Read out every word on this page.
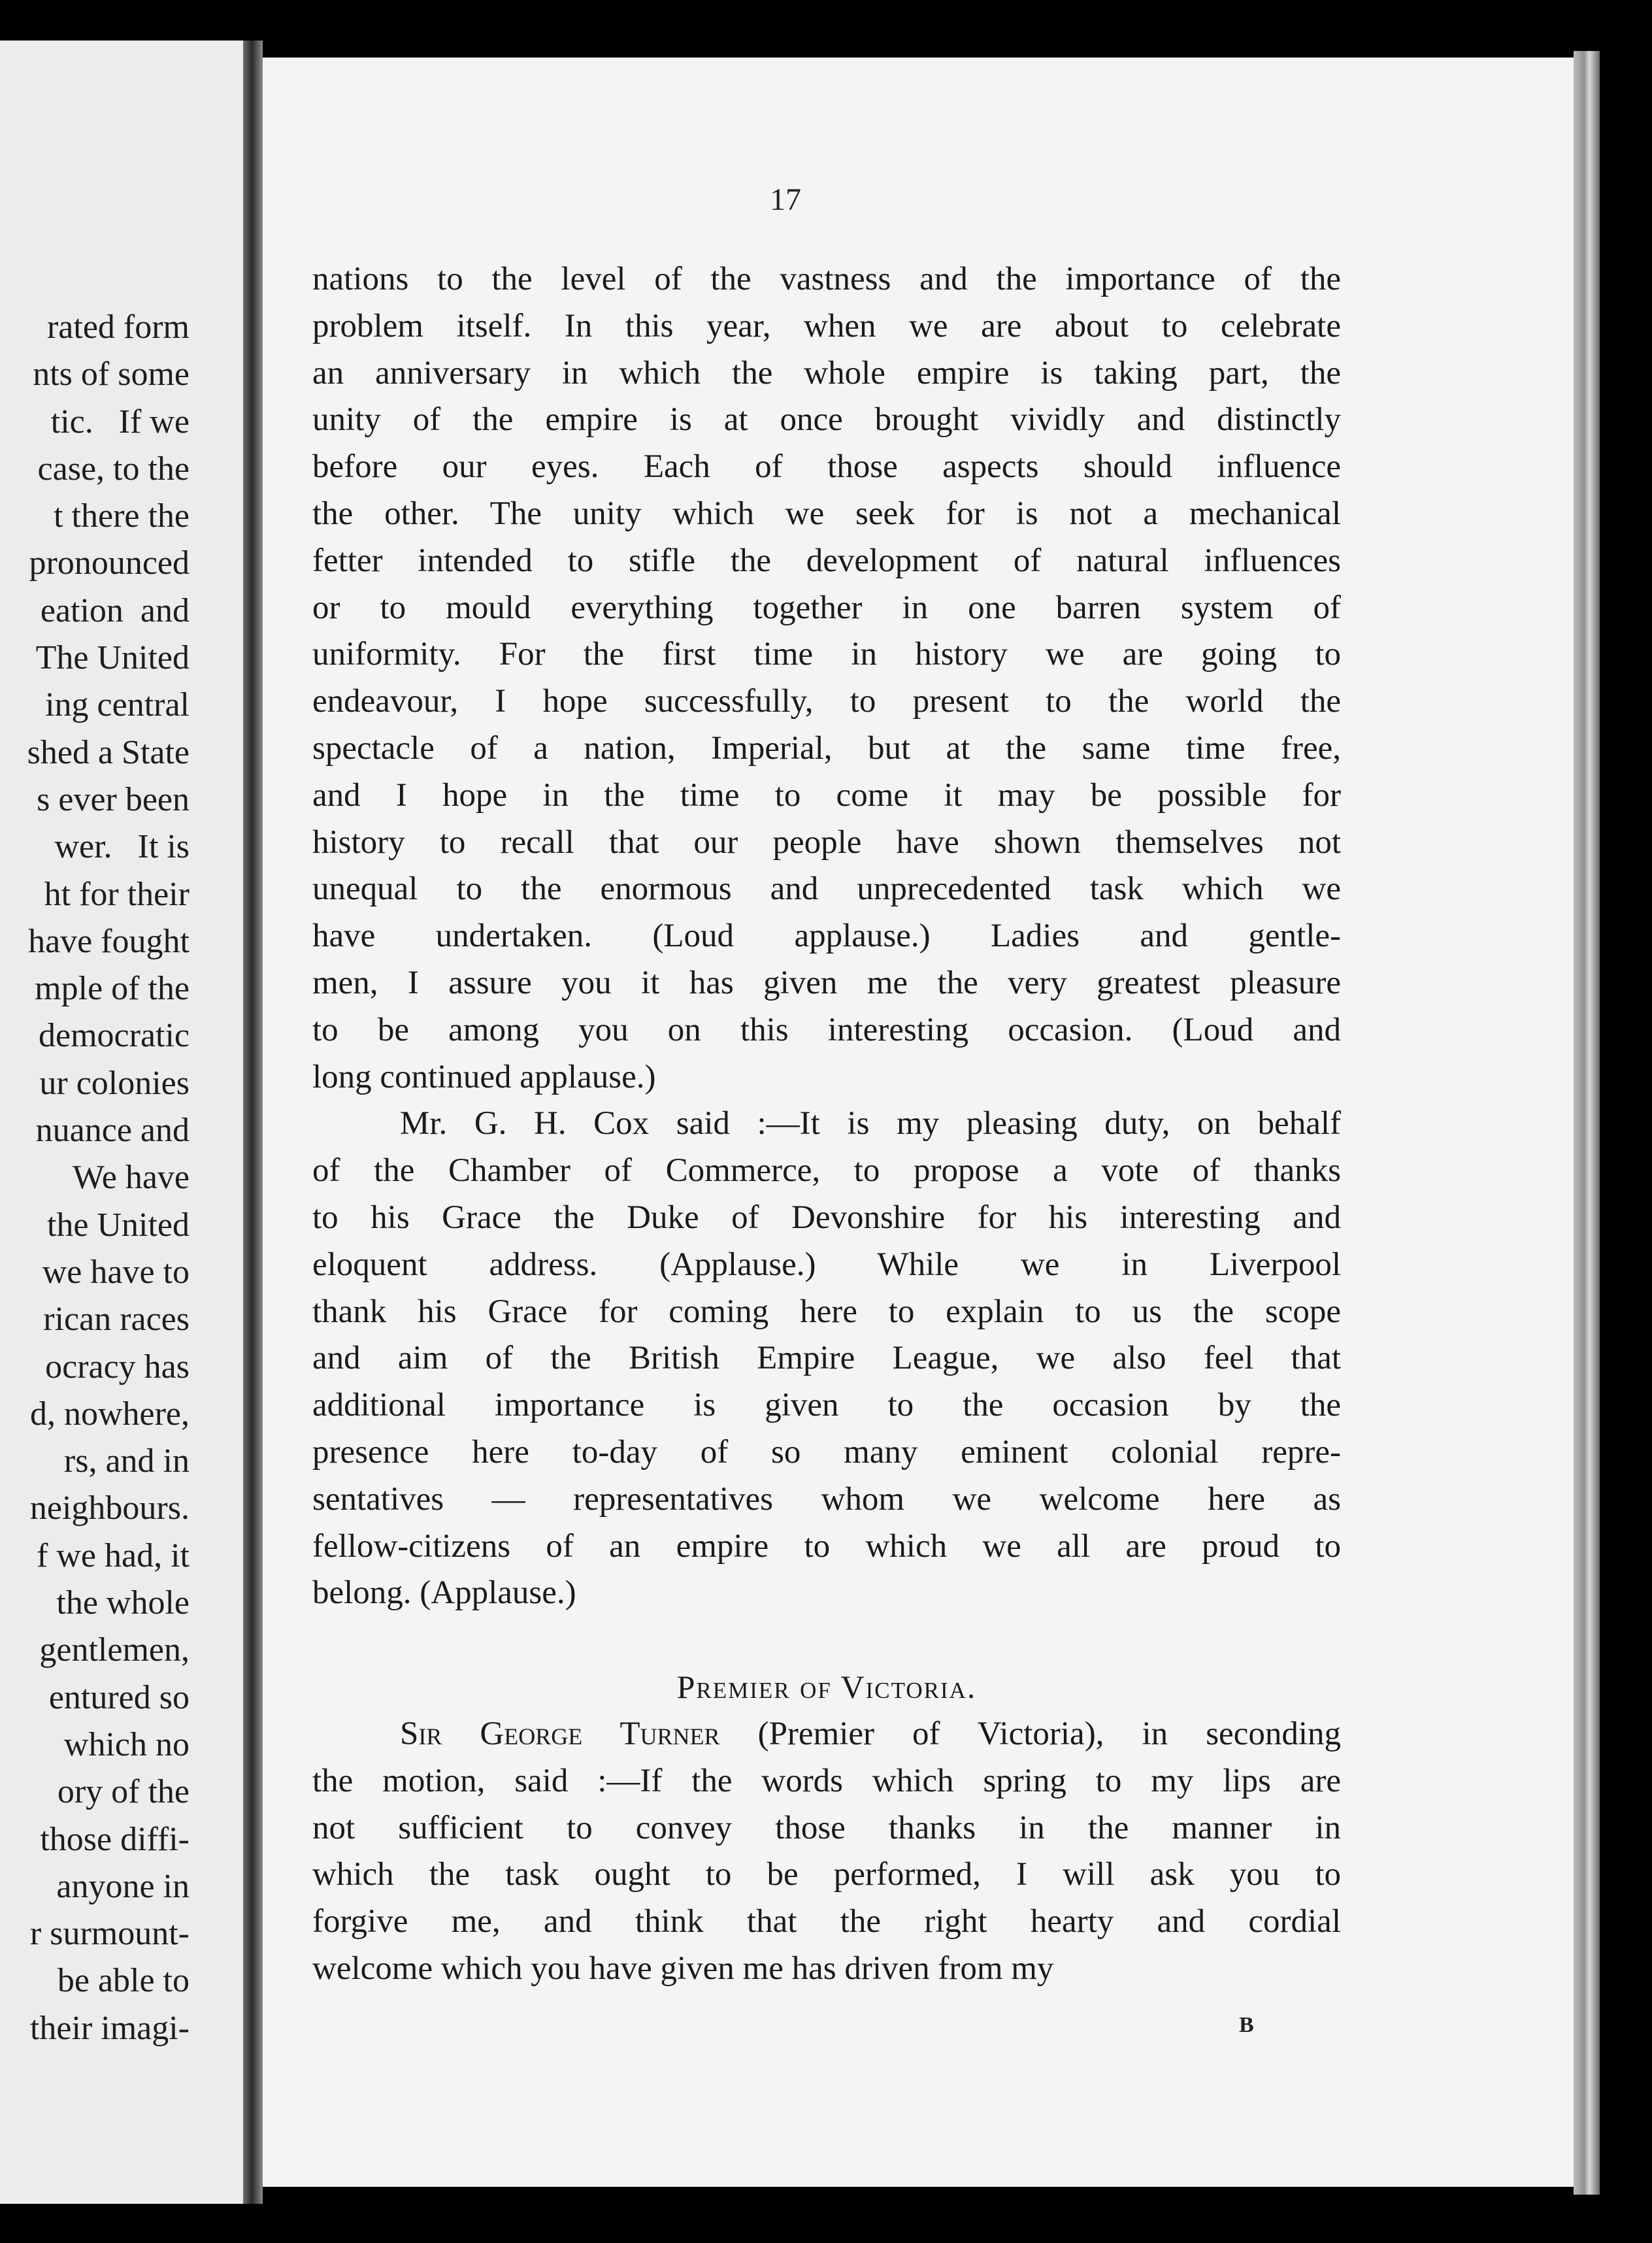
rated form
nts of some
tic.   If we
case, to the
t there the
pronounced
eation  and
The United
ing central
shed a State
s ever been
wer.   It is
ht for their
have fought
mple of the
democratic
ur colonies
nuance and
We have
the United
we have to
rican races
ocracy has
d, nowhere,
rs, and in
neighbours.
f we had, it
the whole
gentlemen,
entured so
which no
ory of the
those diffi-
anyone in
r surmount-
be able to
their imagi-
17
nations to the level of the vastness and the importance of the
problem itself. In this year, when we are about to celebrate
an anniversary in which the whole empire is taking part, the
unity of the empire is at once brought vividly and distinctly
before our eyes. Each of those aspects should influence
the other. The unity which we seek for is not a mechanical
fetter intended to stifle the development of natural influences
or to mould everything together in one barren system of
uniformity. For the first time in history we are going to
endeavour, I hope successfully, to present to the world the
spectacle of a nation, Imperial, but at the same time free,
and I hope in the time to come it may be possible for
history to recall that our people have shown themselves not
unequal to the enormous and unprecedented task which we
have undertaken. (Loud applause.) Ladies and gentle-
men, I assure you it has given me the very greatest pleasure
to be among you on this interesting occasion. (Loud and
long continued applause.)
Mr. G. H. Cox said :—It is my pleasing duty, on behalf
of the Chamber of Commerce, to propose a vote of thanks
to his Grace the Duke of Devonshire for his interesting and
eloquent address. (Applause.) While we in Liverpool
thank his Grace for coming here to explain to us the scope
and aim of the British Empire League, we also feel that
additional importance is given to the occasion by the
presence here to-day of so many eminent colonial repre-
sentatives — representatives whom we welcome here as
fellow-citizens of an empire to which we all are proud to
belong. (Applause.)
Premier of Victoria.
Sir George Turner (Premier of Victoria), in seconding
the motion, said :—If the words which spring to my lips are
not sufficient to convey those thanks in the manner in
which the task ought to be performed, I will ask you to
forgive me, and think that the right hearty and cordial
welcome which you have given me has driven from my
B
